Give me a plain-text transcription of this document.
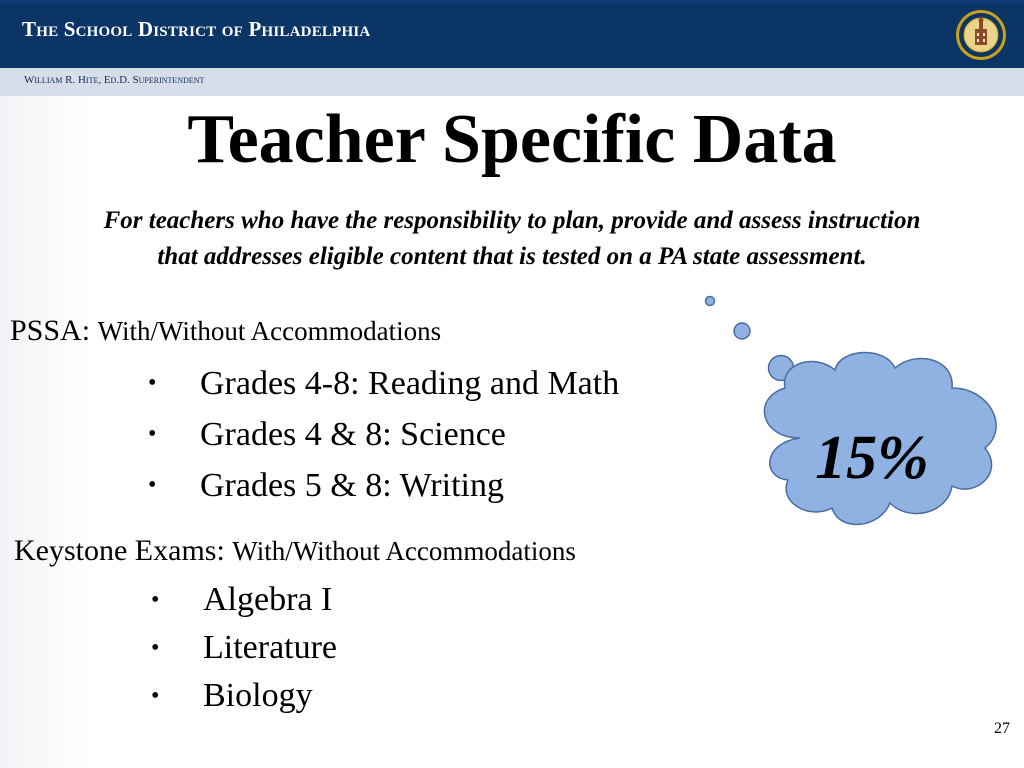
The School District of Philadelphia
William R. Hite, Ed.D. Superintendent
Teacher Specific Data
For teachers who have the responsibility to plan, provide and assess instruction
that addresses eligible content that is tested on a PA state assessment.
PSSA: With/Without Accommodations
• Grades 4-8: Reading and Math
• Grades 4 & 8: Science
• Grades 5 & 8: Writing
Keystone Exams: With/Without Accommodations
• Algebra I
• Literature
• Biology
15%
27
